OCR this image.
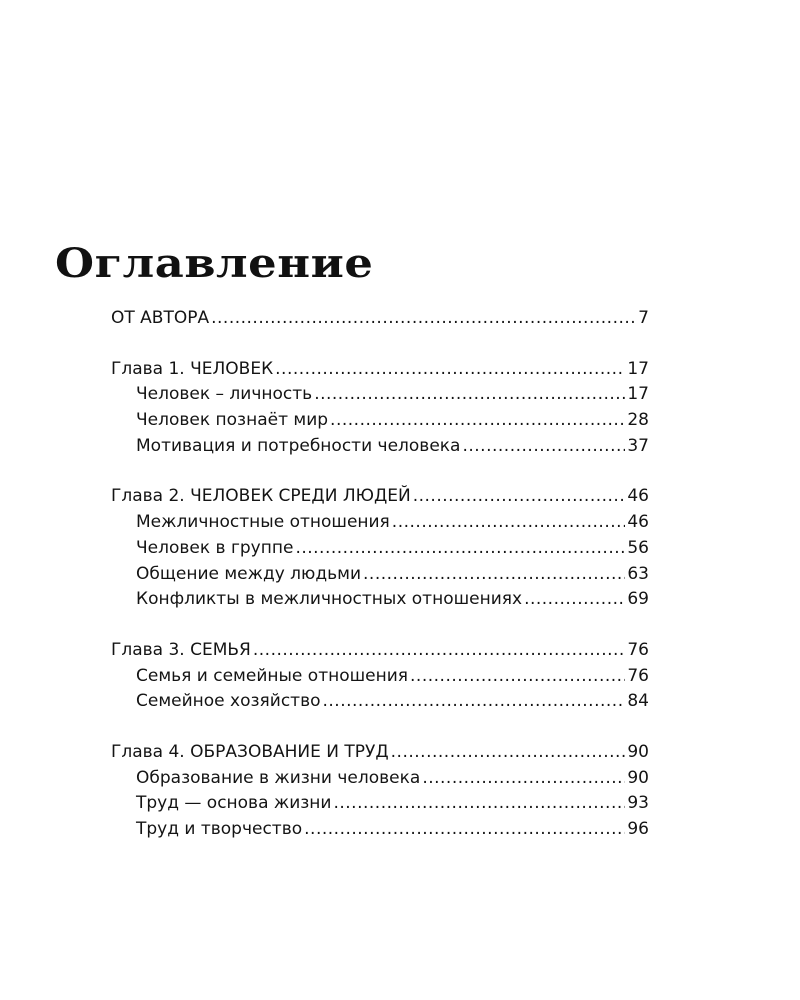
Оглавление
ОТ АВТОРА .....	7
Глава 1. ЧЕЛОВЕК .....	17
Человек – личность .....	17
Человек познаёт мир .....	28
Мотивация и потребности человека .....	37
Глава 2. ЧЕЛОВЕК СРЕДИ ЛЮДЕЙ .....	46
Межличностные отношения .....	46
Человек в группе .....	56
Общение между людьми .....	63
Конфликты в межличностных отношениях .....	69
Глава 3. СЕМЬЯ .....	76
Семья и семейные отношения .....	76
Семейное хозяйство .....	84
Глава 4. ОБРАЗОВАНИЕ И ТРУД .....	90
Образование в жизни человека .....	90
Труд — основа жизни .....	93
Труд и творчество .....	96
